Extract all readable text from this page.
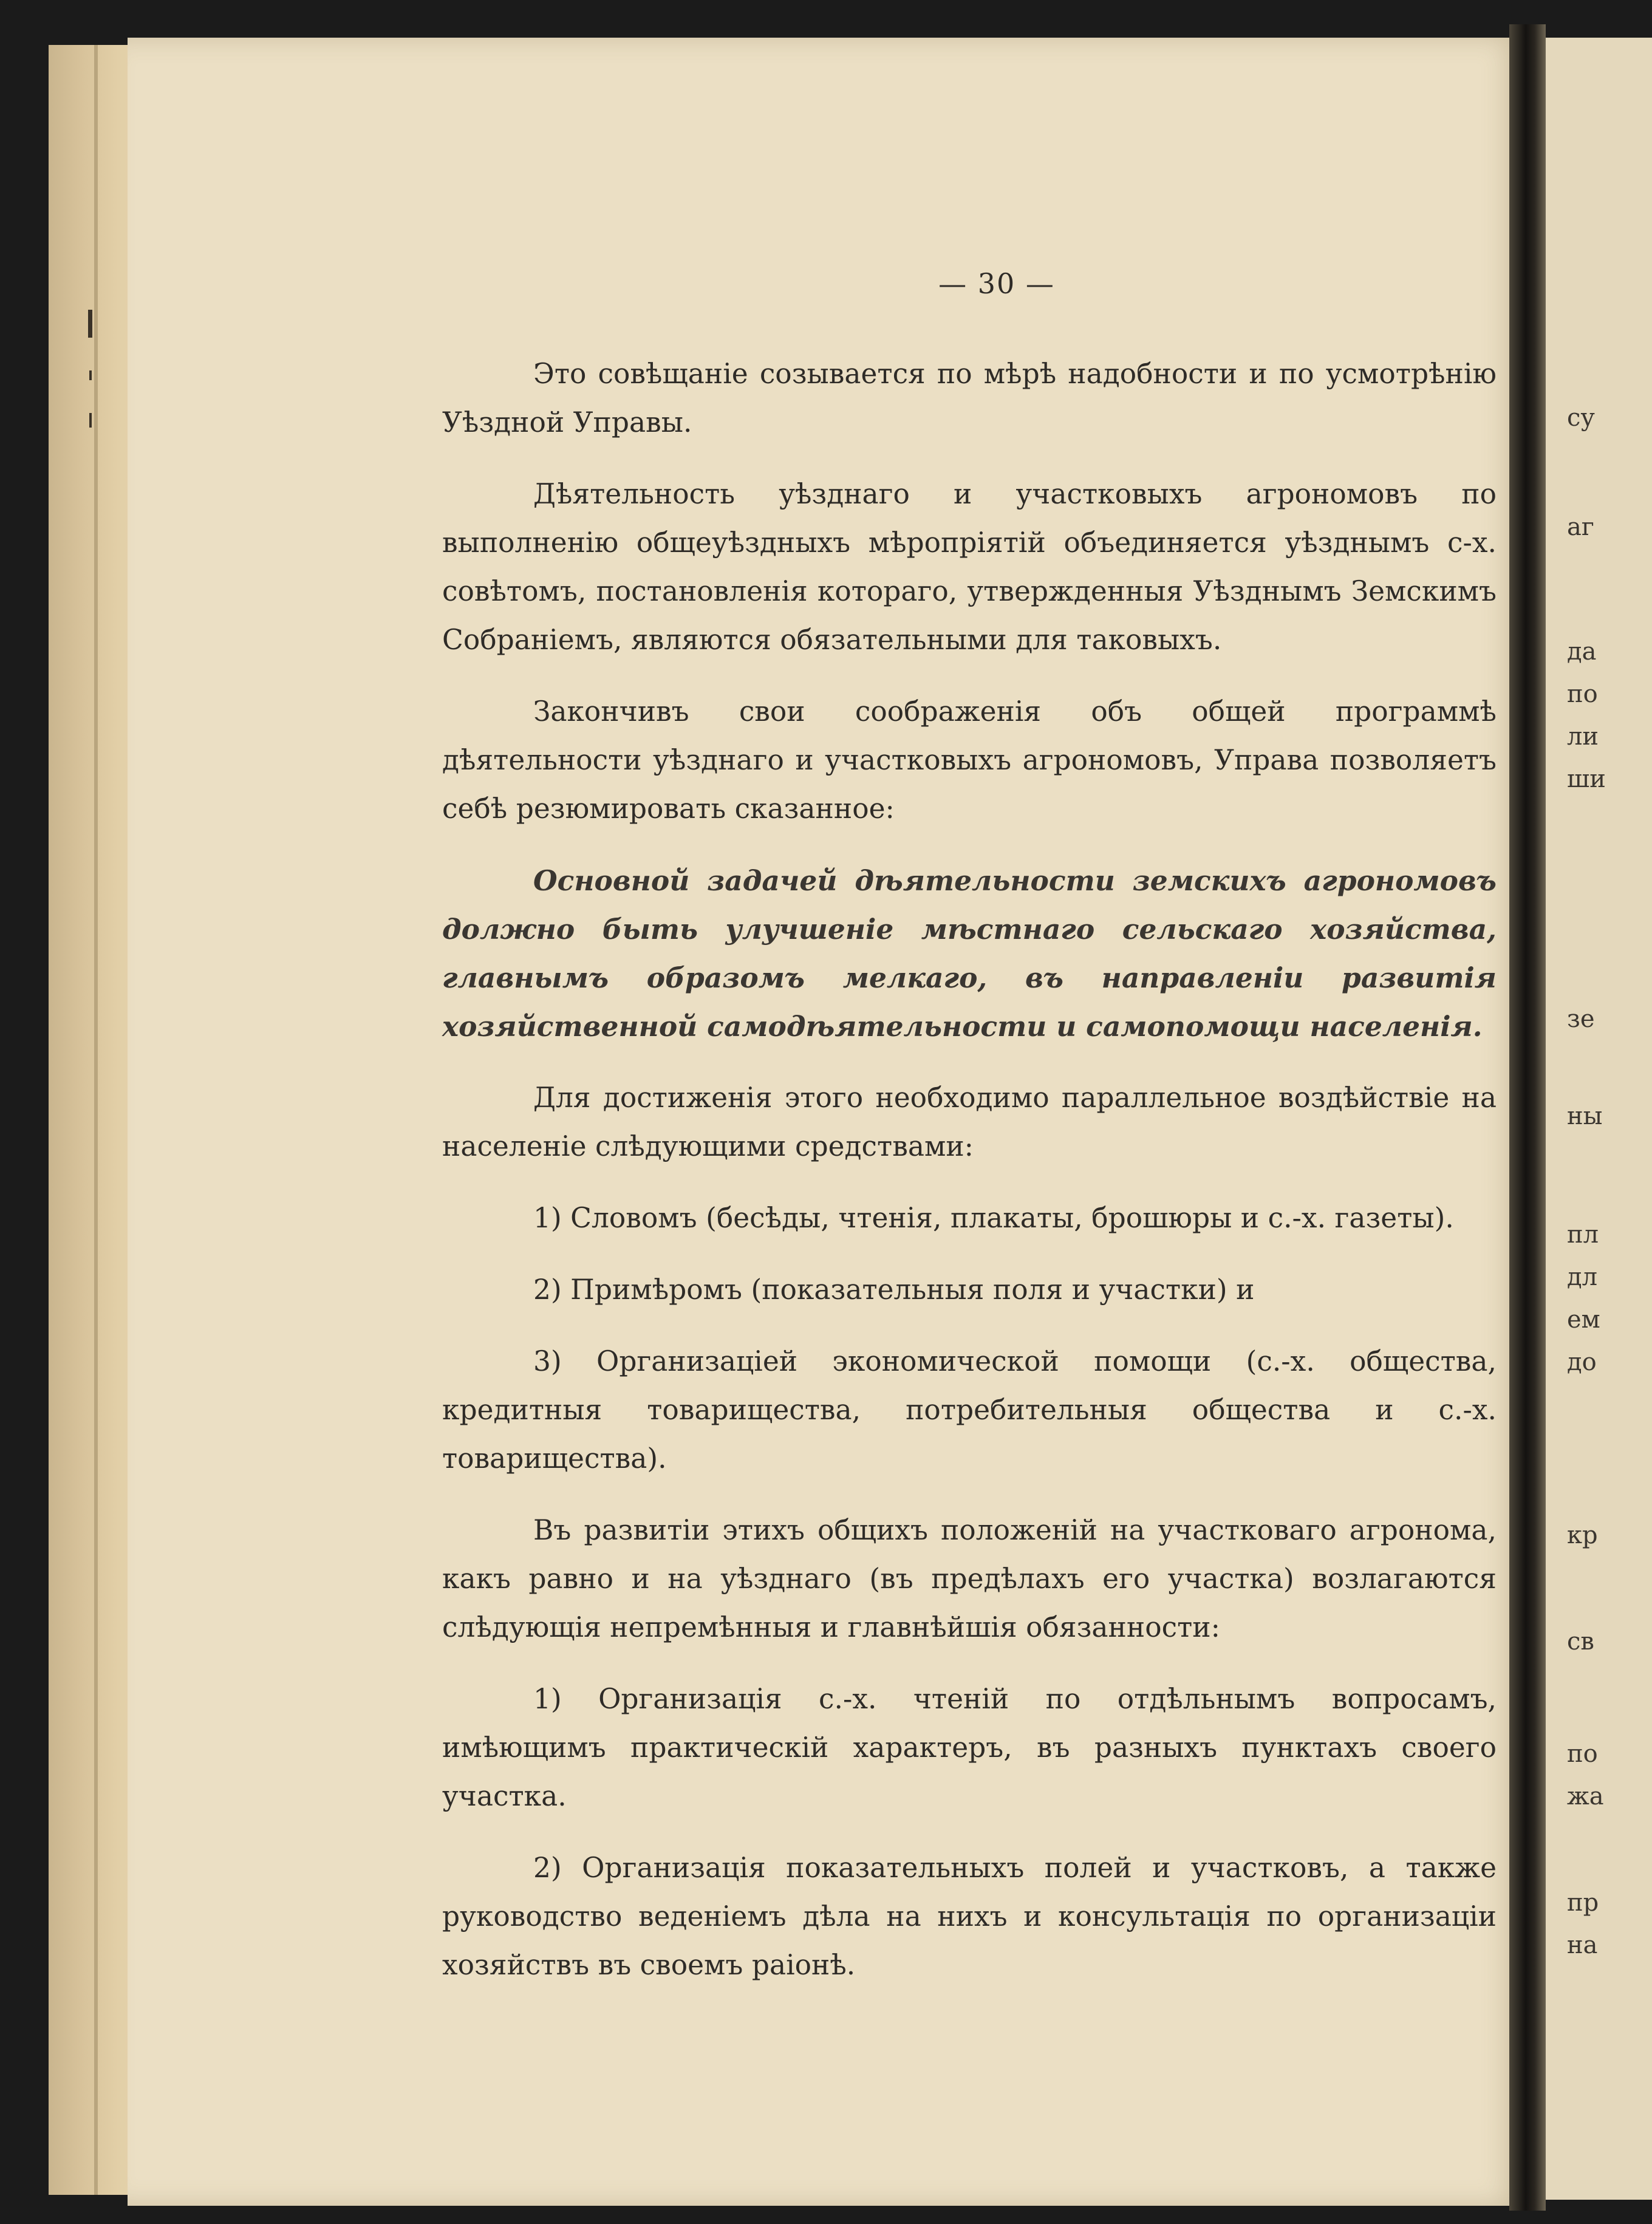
— 30 —

Это совѣщаніе созывается по мѣрѣ надобности и по усмотрѣнію Уѣздной Управы.

Дѣятельность уѣзднаго и участковыхъ агрономовъ по выполненію общеуѣздныхъ мѣропріятій объединяется уѣзднымъ с-х. совѣтомъ, постановленія котораго, утвержденныя Уѣзднымъ Земскимъ Собраніемъ, являются обязательными для таковыхъ.

Закончивъ свои соображенія объ общей программѣ дѣятельности уѣзднаго и участковыхъ агрономовъ, Управа позволяетъ себѣ резюмировать сказанное:

Основной задачей дѣятельности земскихъ агрономовъ должно быть улучшеніе мѣстнаго сельскаго хозяйства, главнымъ образомъ мелкаго, въ направленіи развитія хозяйственной самодѣятельности и самопомощи населенія.

Для достиженія этого необходимо параллельное воздѣйствіе на населеніе слѣдующими средствами:

1) Словомъ (бесѣды, чтенія, плакаты, брошюры и с.-х. газеты).

2) Примѣромъ (показательныя поля и участки) и

3) Организаціей экономической помощи (с.-х. общества, кредитныя товарищества, потребительныя общества и с.-х. товарищества).

Въ развитіи этихъ общихъ положеній на участковаго агронома, какъ равно и на уѣзднаго (въ предѣлахъ его участка) возлагаются слѣдующія непремѣнныя и главнѣйшія обязанности:

1) Организація с.-х. чтеній по отдѣльнымъ вопросамъ, имѣющимъ практическій характеръ, въ разныхъ пунктахъ своего участка.

2) Организація показательныхъ полей и участковъ, а также руководство веденіемъ дѣла на нихъ и консультація по организаціи хозяйствъ въ своемъ раіонѣ.

су
аг
да
по
ли
ши
зе
ны
пл
дл
ем
до
кр
св
по
жа
пр
на
